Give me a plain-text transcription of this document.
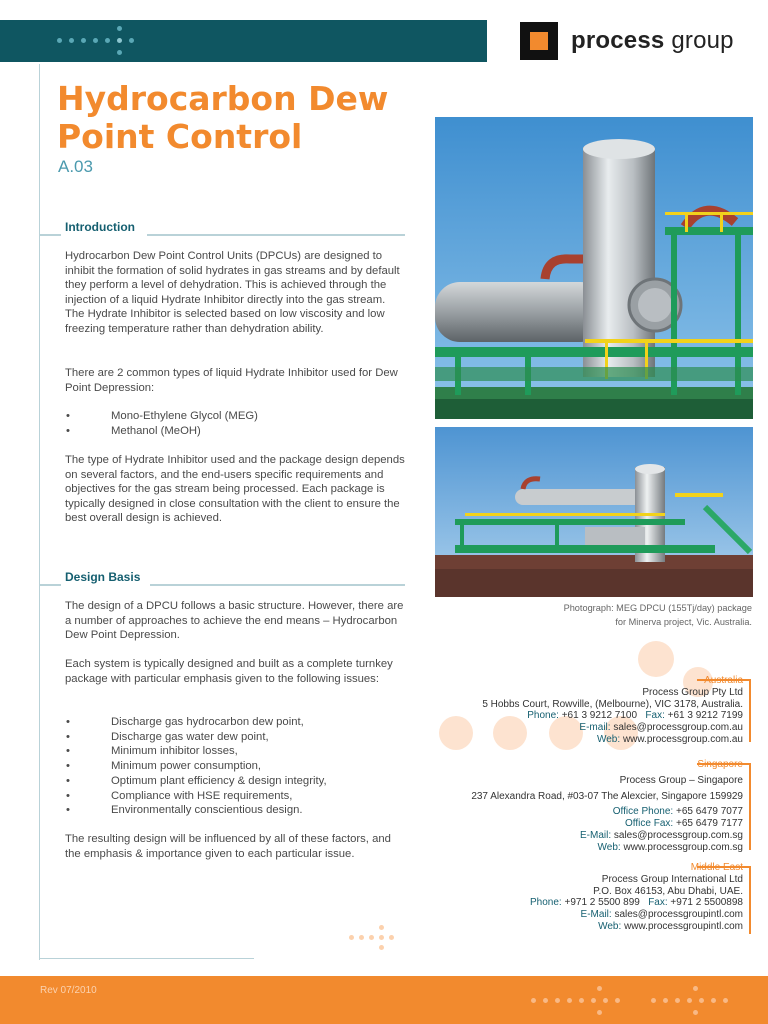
process group
Hydrocarbon Dew
Point Control
A.03
Introduction
Hydrocarbon Dew Point Control Units (DPCUs) are designed to inhibit the formation of solid hydrates in gas streams and by default they perform a level of dehydration. This is achieved through the injection of a liquid Hydrate Inhibitor directly into the gas stream. The Hydrate Inhibitor is selected based on low viscosity and low freezing temperature rather than dehydration ability.
There are 2 common types of liquid Hydrate Inhibitor used for Dew Point Depression:
• Mono-Ethylene Glycol (MEG)
• Methanol (MeOH)
The type of Hydrate Inhibitor used and the package design depends on several factors, and the end-users specific requirements and objectives for the gas stream being processed. Each package is typically designed in close consultation with the client to ensure the best overall design is achieved.
Design Basis
The design of a DPCU follows a basic structure. However, there are a number of approaches to achieve the end means – Hydrocarbon Dew Point Depression.
Each system is typically designed and built as a complete turnkey package with particular emphasis given to the following issues:
• Discharge gas hydrocarbon dew point,
• Discharge gas water dew point,
• Minimum inhibitor losses,
• Minimum power consumption,
• Optimum plant efficiency & design integrity,
• Compliance with HSE requirements,
• Environmentally conscientious design.
The resulting design will be influenced by all of these factors, and the emphasis & importance given to each particular issue.
Photograph: MEG DPCU (155Tj/day) package
for Minerva project, Vic. Australia.
Australia
Process Group Pty Ltd
5 Hobbs Court, Rowville, (Melbourne), VIC 3178, Australia.
Phone: +61 3 9212 7100 Fax: +61 3 9212 7199
E-mail: sales@processgroup.com.au
Web: www.processgroup.com.au
Singapore
Process Group – Singapore
237 Alexandra Road, #03-07 The Alexcier, Singapore 159929
Office Phone: +65 6479 7077
Office Fax: +65 6479 7177
E-Mail: sales@processgroup.com.sg
Web: www.processgroup.com.sg
Middle East
Process Group International Ltd
P.O. Box 46153, Abu Dhabi, UAE.
Phone: +971 2 5500 899 Fax: +971 2 5500898
E-Mail: sales@processgroupintl.com
Web: www.processgroupintl.com
Rev 07/2010
